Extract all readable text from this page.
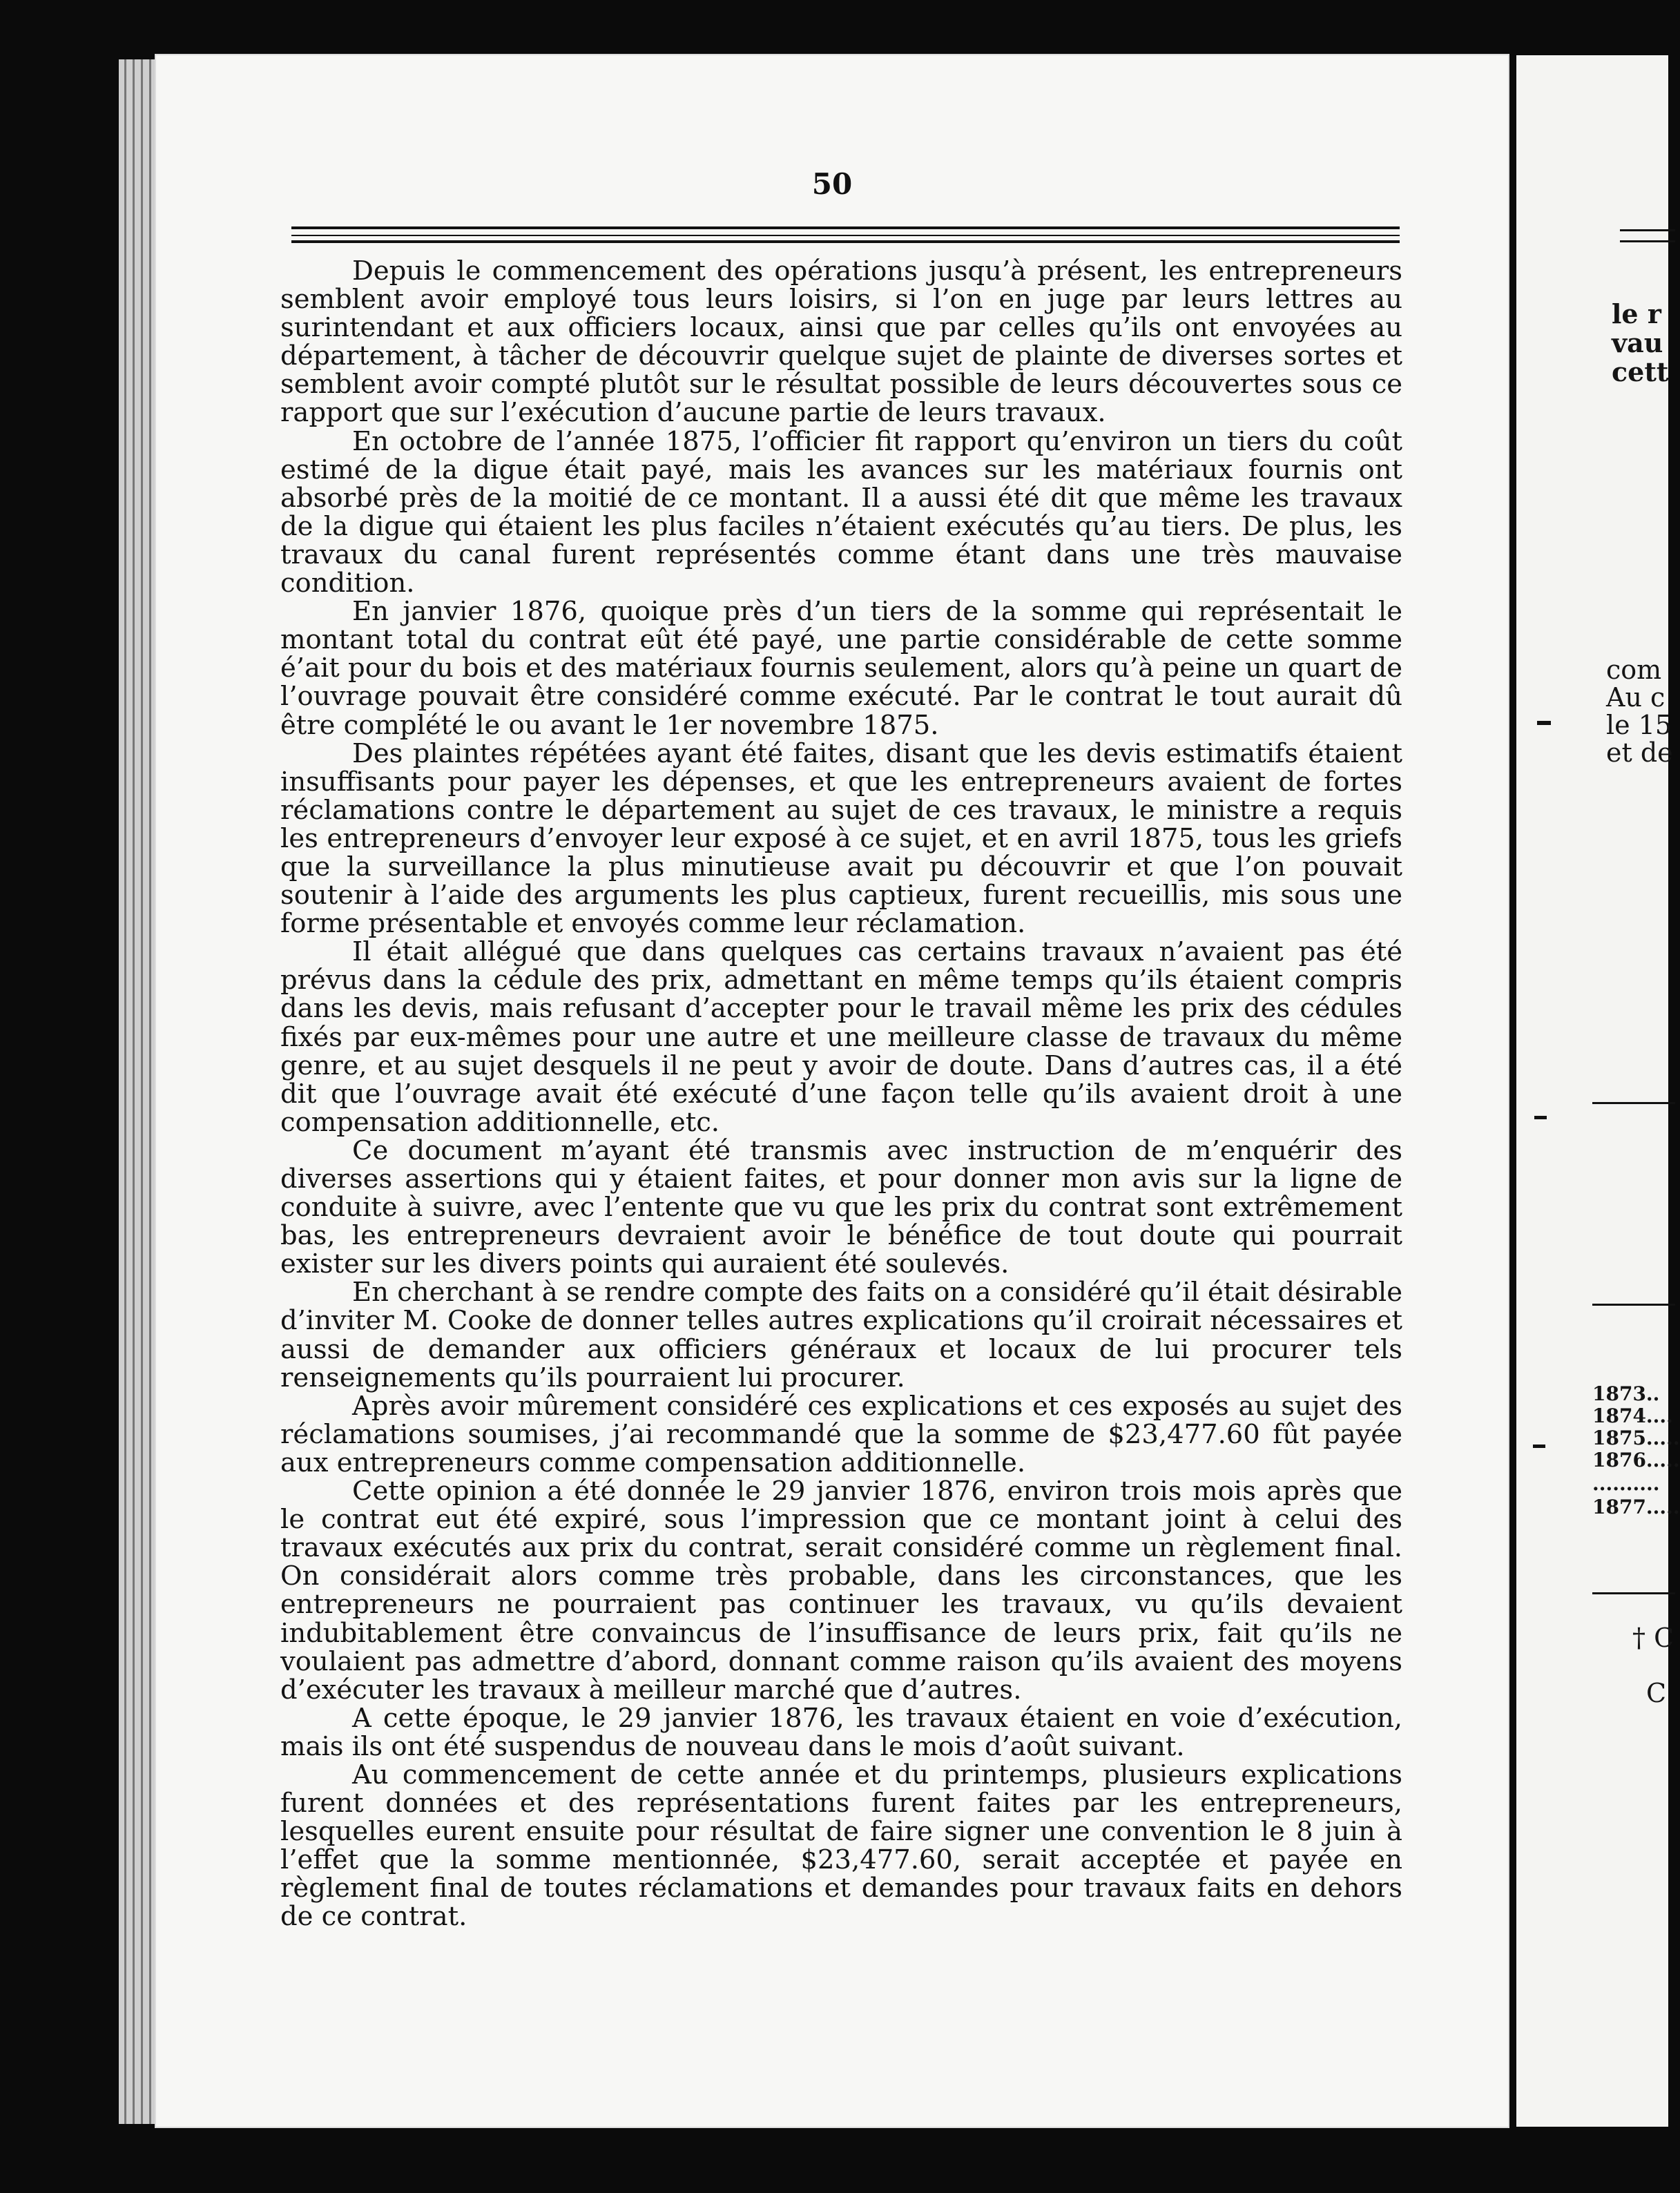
50

Depuis le commencement des opérations jusqu’à présent, les entrepreneurs semblent avoir employé tous leurs loisirs, si l’on en juge par leurs lettres au surintendant et aux officiers locaux, ainsi que par celles qu’ils ont envoyées au département, à tâcher de découvrir quelque sujet de plainte de diverses sortes et semblent avoir compté plutôt sur le résultat possible de leurs découvertes sous ce rapport que sur l’exécution d’aucune partie de leurs travaux.

En octobre de l’année 1875, l’officier fit rapport qu’environ un tiers du coût estimé de la digue était payé, mais les avances sur les matériaux fournis ont absorbé près de la moitié de ce montant. Il a aussi été dit que même les travaux de la digue qui étaient les plus faciles n’étaient exécutés qu’au tiers. De plus, les travaux du canal furent représentés comme étant dans une très mauvaise condition.

En janvier 1876, quoique près d’un tiers de la somme qui représentait le montant total du contrat eût été payé, une partie considérable de cette somme é’ait pour du bois et des matériaux fournis seulement, alors qu’à peine un quart de l’ouvrage pouvait être considéré comme exécuté. Par le contrat le tout aurait dû être complété le ou avant le 1er novembre 1875.

Des plaintes répétées ayant été faites, disant que les devis estimatifs étaient insuffisants pour payer les dépenses, et que les entrepreneurs avaient de fortes réclamations contre le département au sujet de ces travaux, le ministre a requis les entrepreneurs d’envoyer leur exposé à ce sujet, et en avril 1875, tous les griefs que la surveillance la plus minutieuse avait pu découvrir et que l’on pouvait soutenir à l’aide des arguments les plus captieux, furent recueillis, mis sous une forme présentable et envoyés comme leur réclamation.

Il était allégué que dans quelques cas certains travaux n’avaient pas été prévus dans la cédule des prix, admettant en même temps qu’ils étaient compris dans les devis, mais refusant d’accepter pour le travail même les prix des cédules fixés par eux-mêmes pour une autre et une meilleure classe de travaux du même genre, et au sujet desquels il ne peut y avoir de doute. Dans d’autres cas, il a été dit que l’ouvrage avait été exécuté d’une façon telle qu’ils avaient droit à une compensation additionnelle, etc.

Ce document m’ayant été transmis avec instruction de m’enquérir des diverses assertions qui y étaient faites, et pour donner mon avis sur la ligne de conduite à suivre, avec l’entente que vu que les prix du contrat sont extrêmement bas, les entrepreneurs devraient avoir le bénéfice de tout doute qui pourrait exister sur les divers points qui auraient été soulevés.

En cherchant à se rendre compte des faits on a considéré qu’il était désirable d’inviter M. Cooke de donner telles autres explications qu’il croirait nécessaires et aussi de demander aux officiers généraux et locaux de lui procurer tels renseignements qu’ils pourraient lui procurer.

Après avoir mûrement considéré ces explications et ces exposés au sujet des réclamations soumises, j’ai recommandé que la somme de $23,477.60 fût payée aux entrepreneurs comme compensation additionnelle.

Cette opinion a été donnée le 29 janvier 1876, environ trois mois après que le contrat eut été expiré, sous l’impression que ce montant joint à celui des travaux exécutés aux prix du contrat, serait considéré comme un règlement final. On considérait alors comme très probable, dans les circonstances, que les entrepreneurs ne pourraient pas continuer les travaux, vu qu’ils devaient indubitablement être convaincus de l’insuffisance de leurs prix, fait qu’ils ne voulaient pas admettre d’abord, donnant comme raison qu’ils avaient des moyens d’exécuter les travaux à meilleur marché que d’autres.

A cette époque, le 29 janvier 1876, les travaux étaient en voie d’exécution, mais ils ont été suspendus de nouveau dans le mois d’août suivant.

Au commencement de cette année et du printemps, plusieurs explications furent données et des représentations furent faites par les entrepreneurs, lesquelles eurent ensuite pour résultat de faire signer une convention le 8 juin à l’effet que la somme mentionnée, $23,477.60, serait acceptée et payée en règlement final de toutes réclamations et demandes pour travaux faits en dehors de ce contrat.

le r
vau
cett
com
Au c
le 15
et de
1873..
1874....
1875.....
1876.....
..........
1877.....
† C
C
